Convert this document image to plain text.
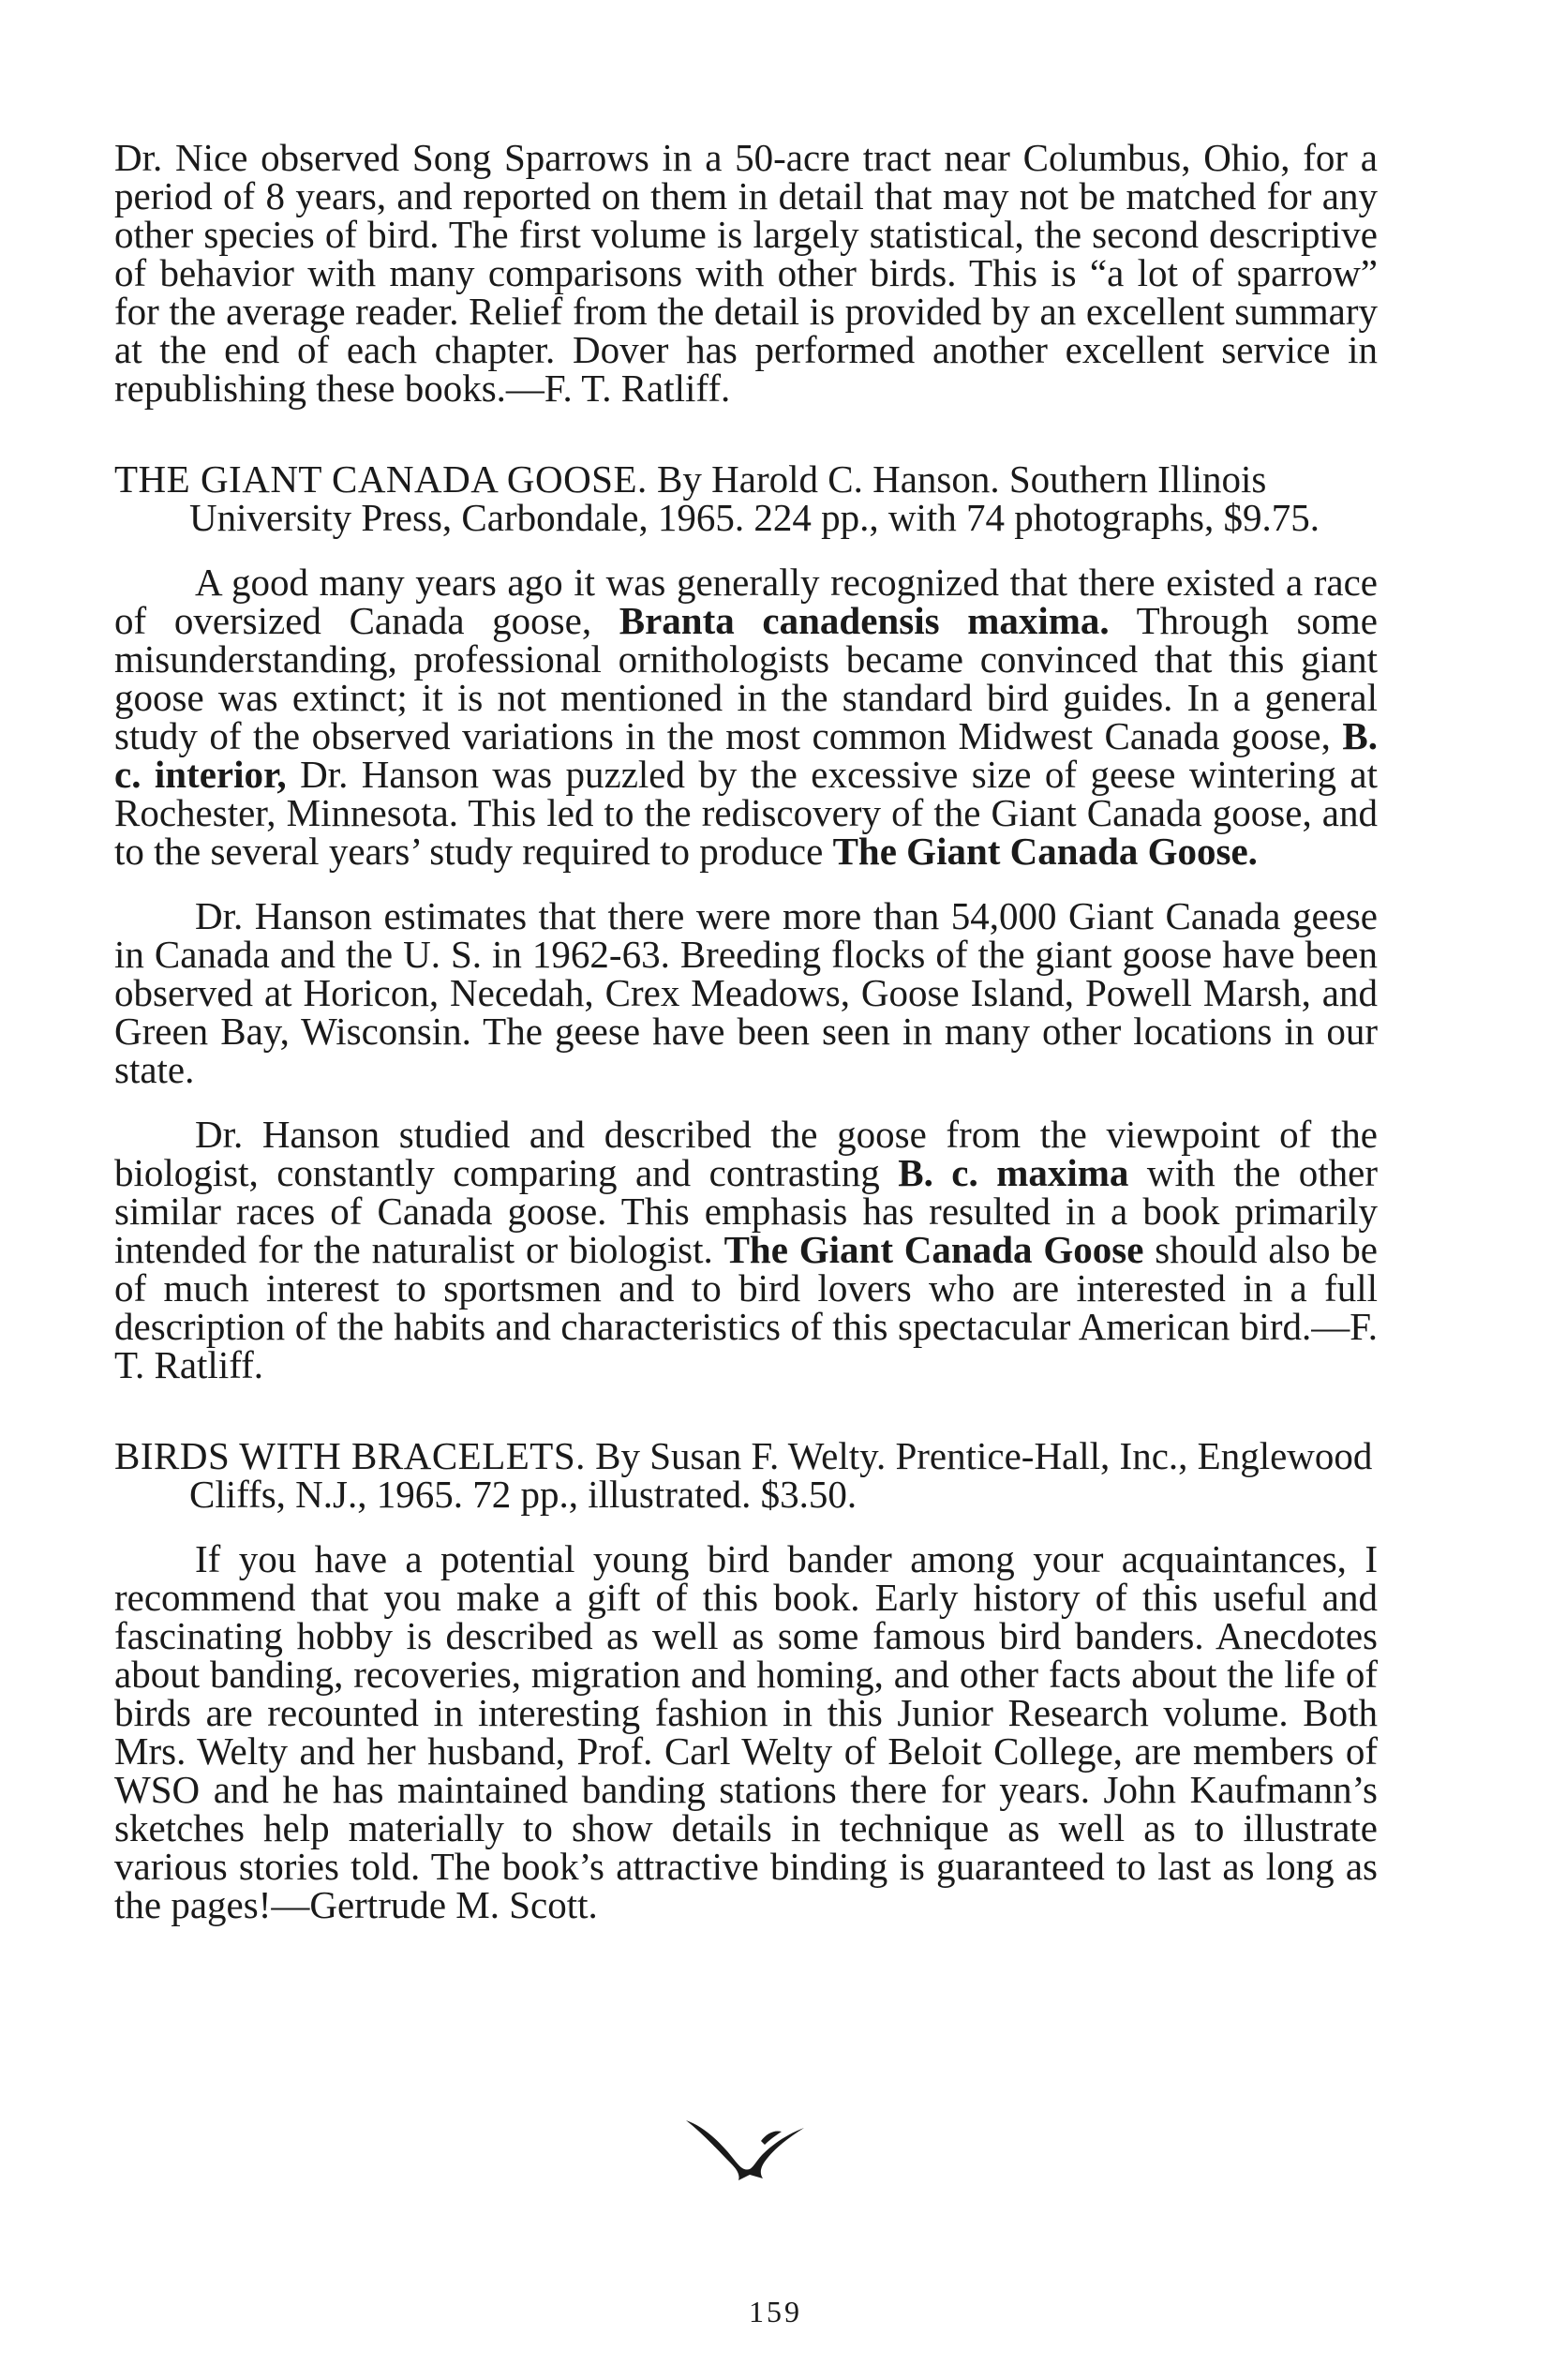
Dr. Nice observed Song Sparrows in a 50-acre tract near Columbus, Ohio, for a period of 8 years, and reported on them in detail that may not be matched for any other species of bird. The first volume is largely statistical, the second descriptive of behavior with many comparisons with other birds. This is “a lot of sparrow” for the average reader. Relief from the detail is provided by an excellent summary at the end of each chapter. Dover has performed another excellent service in republishing these books.—F. T. Ratliff.

THE GIANT CANADA GOOSE. By Harold C. Hanson. Southern Illinois University Press, Carbondale, 1965. 224 pp., with 74 photographs, $9.75.

A good many years ago it was generally recognized that there existed a race of oversized Canada goose, Branta canadensis maxima. Through some misunderstanding, professional ornithologists became convinced that this giant goose was extinct; it is not mentioned in the standard bird guides. In a general study of the observed variations in the most common Midwest Canada goose, B. c. interior, Dr. Hanson was puzzled by the excessive size of geese wintering at Rochester, Minnesota. This led to the rediscovery of the Giant Canada goose, and to the several years’ study required to produce The Giant Canada Goose.

Dr. Hanson estimates that there were more than 54,000 Giant Canada geese in Canada and the U. S. in 1962-63. Breeding flocks of the giant goose have been observed at Horicon, Necedah, Crex Meadows, Goose Island, Powell Marsh, and Green Bay, Wisconsin. The geese have been seen in many other locations in our state.

Dr. Hanson studied and described the goose from the viewpoint of the biologist, constantly comparing and contrasting B. c. maxima with the other similar races of Canada goose. This emphasis has resulted in a book primarily intended for the naturalist or biologist. The Giant Canada Goose should also be of much interest to sportsmen and to bird lovers who are interested in a full description of the habits and characteristics of this spectacular American bird.—F. T. Ratliff.

BIRDS WITH BRACELETS. By Susan F. Welty. Prentice-Hall, Inc., Englewood Cliffs, N.J., 1965. 72 pp., illustrated. $3.50.

If you have a potential young bird bander among your acquaintances, I recommend that you make a gift of this book. Early history of this useful and fascinating hobby is described as well as some famous bird banders. Anecdotes about banding, recoveries, migration and homing, and other facts about the life of birds are recounted in interesting fashion in this Junior Research volume. Both Mrs. Welty and her husband, Prof. Carl Welty of Beloit College, are members of WSO and he has maintained banding stations there for years. John Kaufmann’s sketches help materially to show details in technique as well as to illustrate various stories told. The book’s attractive binding is guaranteed to last as long as the pages!—Gertrude M. Scott.

159
